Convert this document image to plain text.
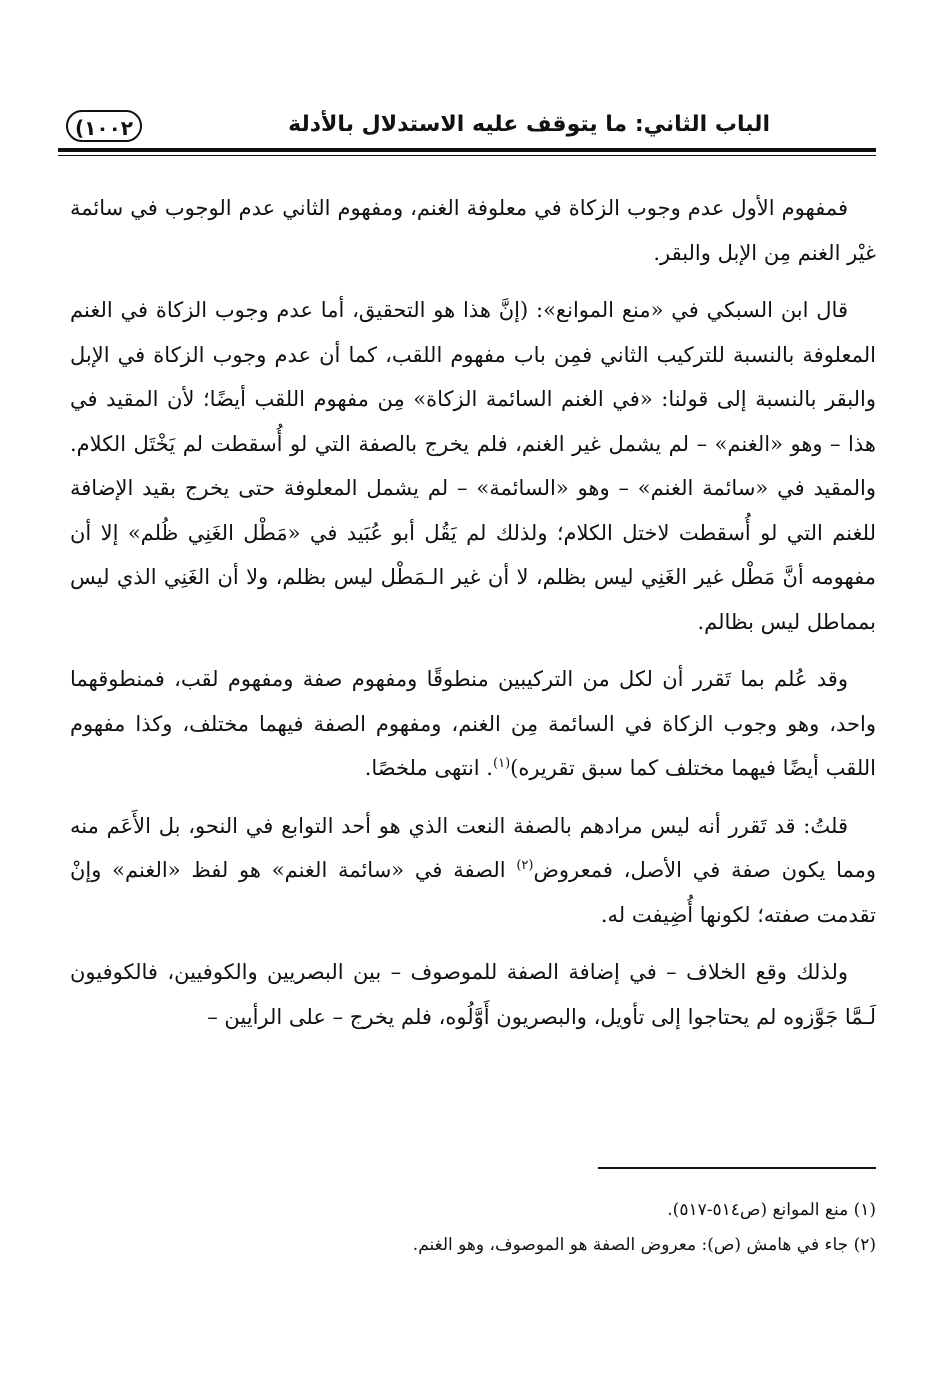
الباب الثاني: ما يتوقف عليه الاستدلال بالأدلة
(١٠٠٢

فمفهوم الأول عدم وجوب الزكاة في معلوفة الغنم، ومفهوم الثاني عدم الوجوب في سائمة غيْر الغنم مِن الإبل والبقر.

قال ابن السبكي في «منع الموانع»: (إنَّ هذا هو التحقيق، أما عدم وجوب الزكاة في الغنم المعلوفة بالنسبة للتركيب الثاني فمِن باب مفهوم اللقب، كما أن عدم وجوب الزكاة في الإبل والبقر بالنسبة إلى قولنا: «في الغنم السائمة الزكاة» مِن مفهوم اللقب أيضًا؛ لأن المقيد في هذا – وهو «الغنم» – لم يشمل غير الغنم، فلم يخرج بالصفة التي لو أُسقطت لم يَخْتَل الكلام. والمقيد في «سائمة الغنم» – وهو «السائمة» – لم يشمل المعلوفة حتى يخرج بقيد الإضافة للغنم التي لو أُسقطت لاختل الكلام؛ ولذلك لم يَقُل أبو عُبَيد في «مَطْل الغَنِي ظُلم» إلا أن مفهومه أنَّ مَطْل غير الغَنِي ليس بظلم، لا أن غير الـمَطْل ليس بظلم، ولا أن الغَنِي الذي ليس بمماطل ليس بظالم.

وقد عُلم بما تَقرر أن لكل من التركيبين منطوقًا ومفهوم صفة ومفهوم لقب، فمنطوقهما واحد، وهو وجوب الزكاة في السائمة مِن الغنم، ومفهوم الصفة فيهما مختلف، وكذا مفهوم اللقب أيضًا فيهما مختلف كما سبق تقريره)$^{(١)}$. انتهى ملخصًا.

قلتُ: قد تَقرر أنه ليس مرادهم بالصفة النعت الذي هو أحد التوابع في النحو، بل الأَعَم منه ومما يكون صفة في الأصل، فمعروض$^{(٢)}$ الصفة في «سائمة الغنم» هو لفظ «الغنم» وإنْ تقدمت صفته؛ لكونها أُضِيفت له.

ولذلك وقع الخلاف – في إضافة الصفة للموصوف – بين البصريين والكوفيين، فالكوفيون لَـمَّا جَوَّزوه لم يحتاجوا إلى تأويل، والبصريون أَوَّلُوه، فلم يخرج – على الرأيين –

(١) منع الموانع (ص٥١٤-٥١٧).

(٢) جاء في هامش (ص): معروض الصفة هو الموصوف، وهو الغنم.
